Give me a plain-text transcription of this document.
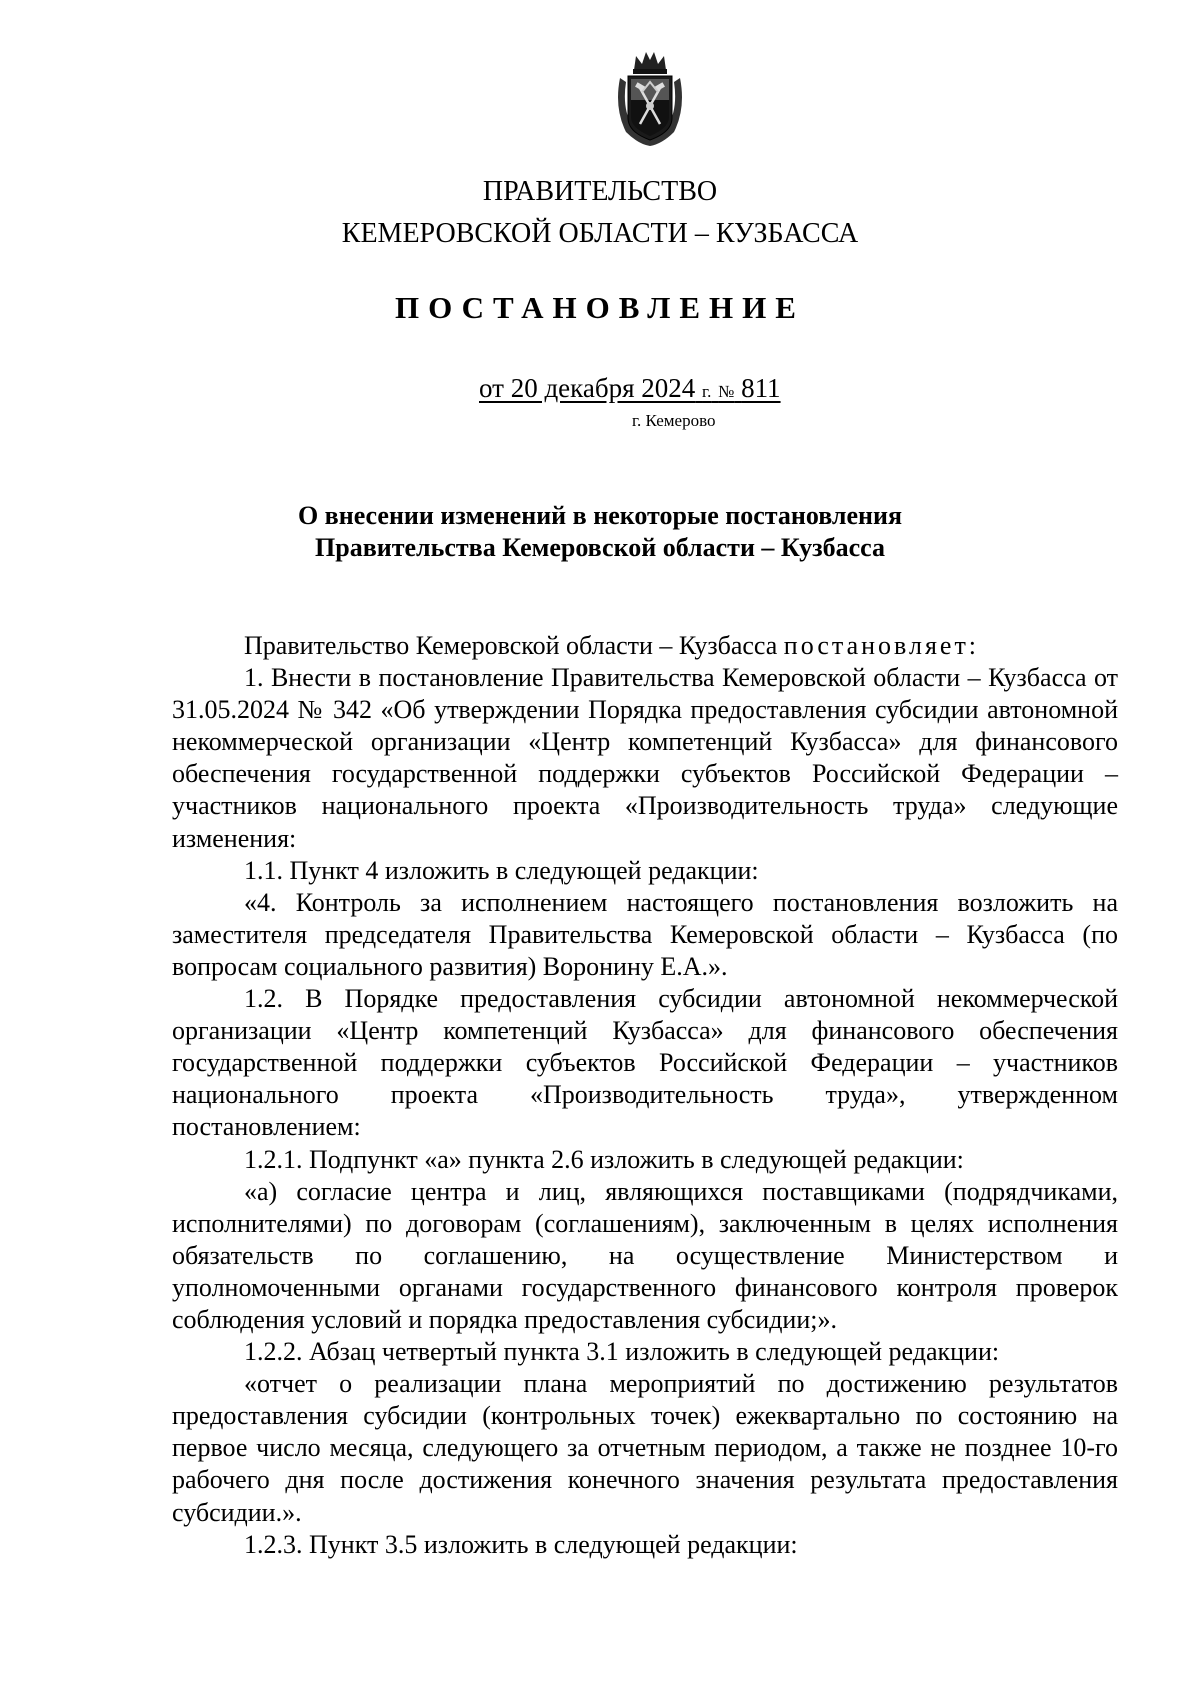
ПРАВИТЕЛЬСТВО
КЕМЕРОВСКОЙ ОБЛАСТИ – КУЗБАССА
ПОСТАНОВЛЕНИЕ
от 20 декабря 2024 г. № 811
г. Кемерово
О внесении изменений в некоторые постановления
Правительства Кемеровской области – Кузбасса

Правительство Кемеровской области – Кузбасса постановляет:

1. Внести в постановление Правительства Кемеровской области – Кузбасса от 31.05.2024 № 342 «Об утверждении Порядка предоставления субсидии автономной некоммерческой организации «Центр компетенций Кузбасса» для финансового обеспечения государственной поддержки субъектов Российской Федерации – участников национального проекта «Производительность труда» следующие изменения:

1.1. Пункт 4 изложить в следующей редакции:

«4. Контроль за исполнением настоящего постановления возложить на заместителя председателя Правительства Кемеровской области – Кузбасса (по вопросам социального развития) Воронину Е.А.».

1.2. В Порядке предоставления субсидии автономной некоммерческой организации «Центр компетенций Кузбасса» для финансового обеспечения государственной поддержки субъектов Российской Федерации – участников национального проекта «Производительность труда», утвержденном постановлением:

1.2.1. Подпункт «а» пункта 2.6 изложить в следующей редакции:

«а) согласие центра и лиц, являющихся поставщиками (подрядчиками, исполнителями) по договорам (соглашениям), заключенным в целях исполнения обязательств по соглашению, на осуществление Министерством и уполномоченными органами государственного финансового контроля проверок соблюдения условий и порядка предоставления субсидии;».

1.2.2. Абзац четвертый пункта 3.1 изложить в следующей редакции:

«отчет о реализации плана мероприятий по достижению результатов предоставления субсидии (контрольных точек) ежеквартально по состоянию на первое число месяца, следующего за отчетным периодом, а также не позднее 10-го рабочего дня после достижения конечного значения результата предоставления субсидии.».

1.2.3. Пункт 3.5 изложить в следующей редакции:
